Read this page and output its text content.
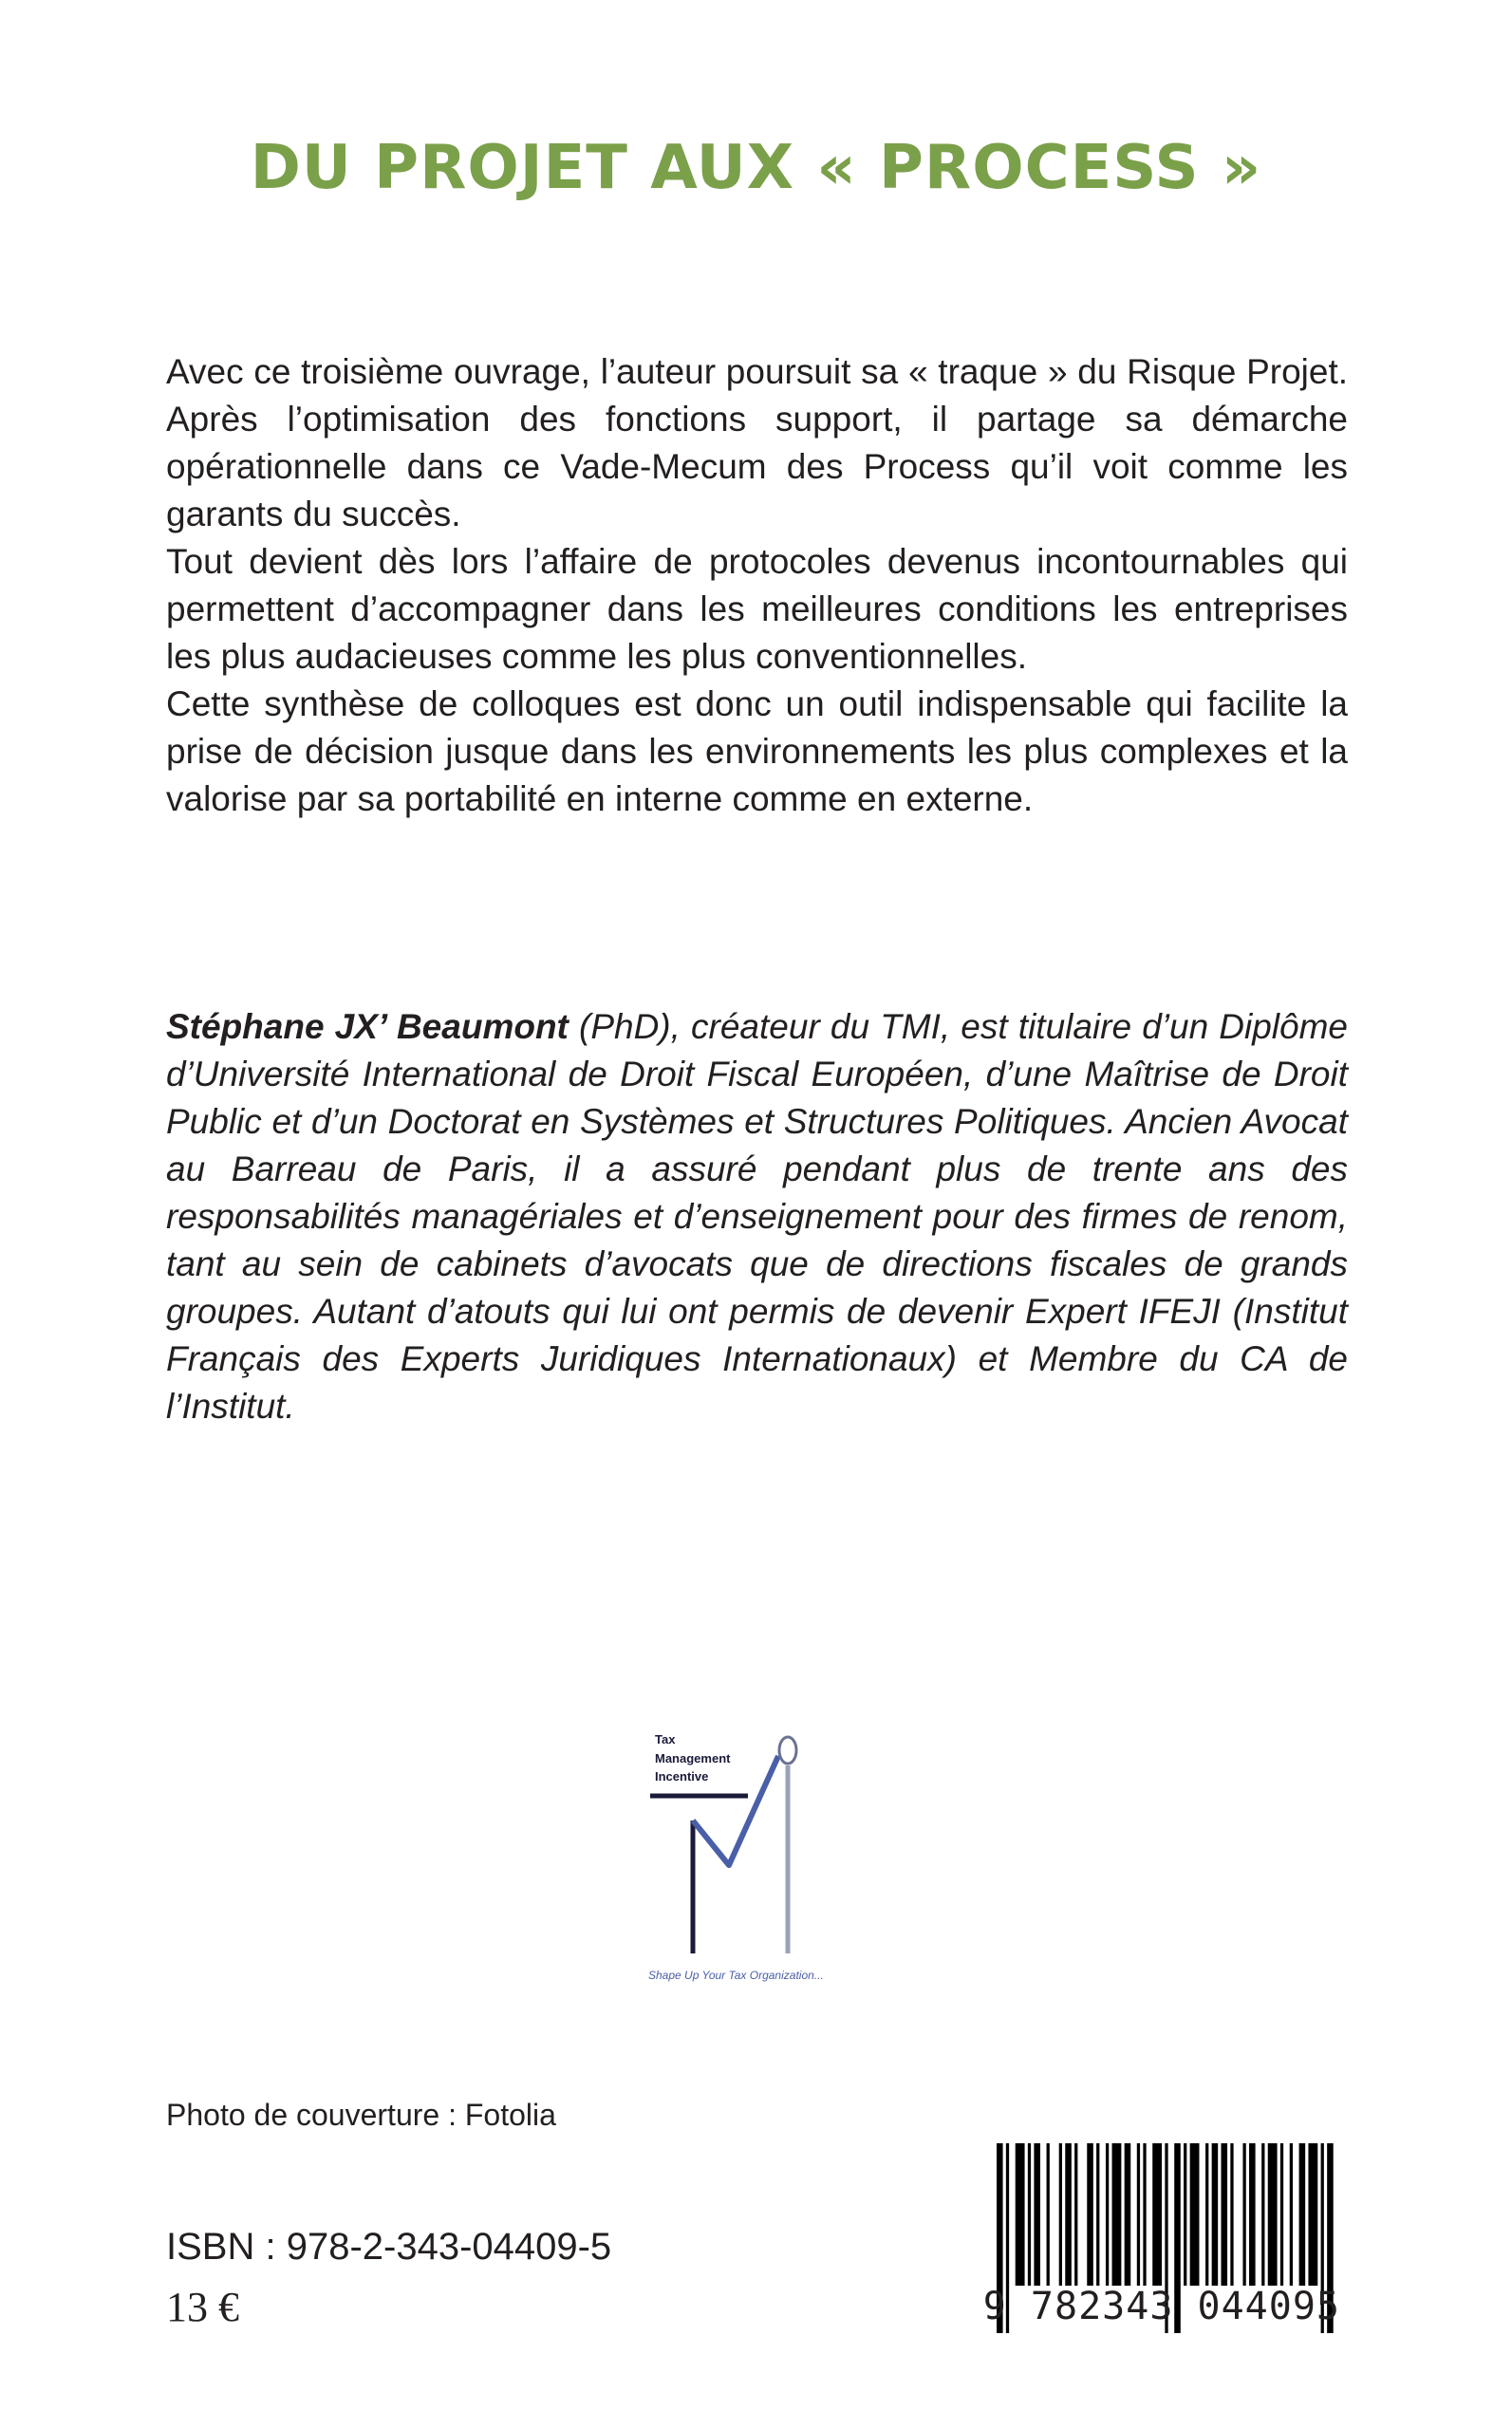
DU PROJET AUX « PROCESS »

Avec ce troisième ouvrage, l’auteur poursuit sa « traque » du Risque Projet. Après l’optimisation des fonctions support, il partage sa démarche opérationnelle dans ce Vade-Mecum des Process qu’il voit comme les garants du succès.

Tout devient dès lors l’affaire de protocoles devenus incontournables qui permettent d’accompagner dans les meilleures conditions les entreprises les plus audacieuses comme les plus conventionnelles.

Cette synthèse de colloques est donc un outil indispensable qui facilite la prise de décision jusque dans les environnements les plus complexes et la valorise par sa portabilité en interne comme en externe.

Stéphane JX’ Beaumont (PhD), créateur du TMI, est titulaire d’un Diplôme d’Université International de Droit Fiscal Européen, d’une Maîtrise de Droit Public et d’un Doctorat en Systèmes et Structures Politiques. Ancien Avocat au Barreau de Paris, il a assuré pendant plus de trente ans des responsabilités managériales et d’enseignement pour des firmes de renom, tant au sein de cabinets d’avocats que de directions fiscales de grands groupes. Autant d’atouts qui lui ont permis de devenir Expert IFEJI (Institut Français des Experts Juridiques Internationaux) et Membre du CA de l’Institut.

Tax
Management
Incentive
Shape Up Your Tax Organization...

Photo de couverture : Fotolia

ISBN : 978-2-343-04409-5

13 €	9 782343 044095
